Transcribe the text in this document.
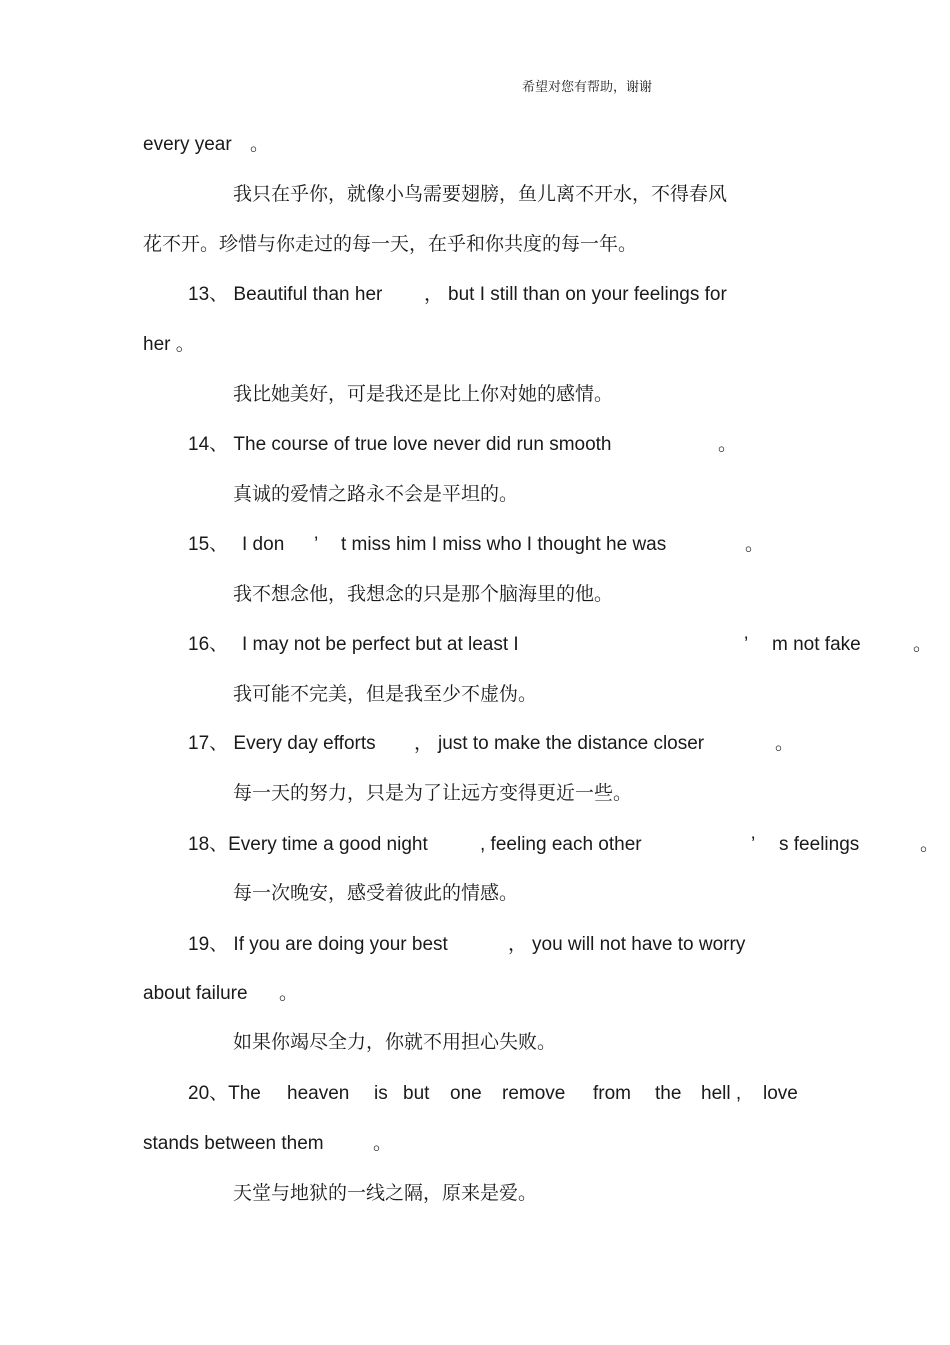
希望对您有帮助，谢谢
every year 。
我只在乎你，就像小鸟需要翅膀，鱼儿离不开水，不得春风
花不开。珍惜与你走过的每一天，在乎和你共度的每一年。
13、 Beautiful than her ， but I still than on your feelings for
her 。
我比她美好，可是我还是比上你对她的感情。
14、 The course of true love never did run smooth	。
真诚的爱情之路永不会是平坦的。
15、 I don ’ t miss him I miss who I thought he was	。
我不想念他，我想念的只是那个脑海里的他。
16、 I may not be perfect but at least I	’ m not fake	。
我可能不完美，但是我至少不虚伪。
17、 Every day efforts ， just to make the distance closer	。
每一天的努力，只是为了让远方变得更近一些。
18、Every time a good night	, feeling each other	’ s feelings	。
每一次晚安，感受着彼此的情感。
19、 If you are doing your best	， you will not have to worry
about failure 。
如果你竭尽全力，你就不用担心失败。
20、The heaven is but one remove from the hell , love
stands between them	。
天堂与地狱的一线之隔，原来是爱。
